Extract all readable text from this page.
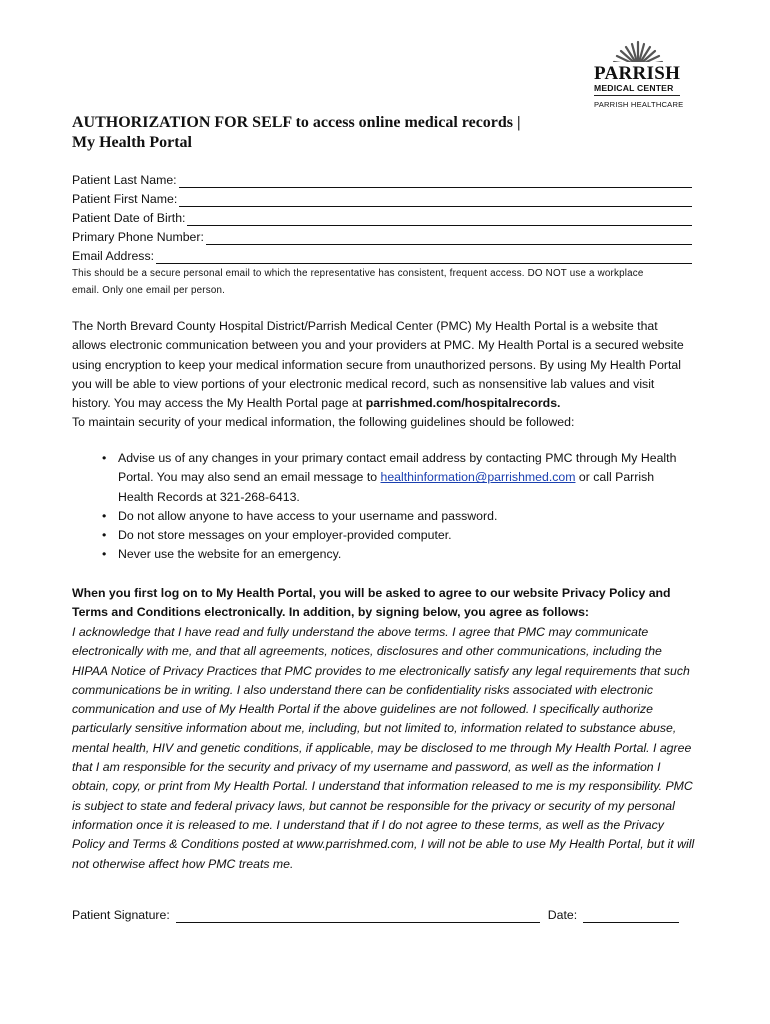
PARRISH
MEDICAL CENTER
PARRISH HEALTHCARE
AUTHORIZATION FOR SELF to access online medical records | My Health Portal
Patient Last Name:
Patient First Name:
Patient Date of Birth:
Primary Phone Number:
Email Address:
This should be a secure personal email to which the representative has consistent, frequent access. DO NOT use a workplace email. Only one email per person.
The North Brevard County Hospital District/Parrish Medical Center (PMC) My Health Portal is a website that allows electronic communication between you and your providers at PMC. My Health Portal is a secured website using encryption to keep your medical information secure from unauthorized persons. By using My Health Portal you will be able to view portions of your electronic medical record, such as nonsensitive lab values and visit history. You may access the My Health Portal page at parrishmed.com/hospitalrecords.
To maintain security of your medical information, the following guidelines should be followed:
• Advise us of any changes in your primary contact email address by contacting PMC through My Health Portal. You may also send an email message to healthinformation@parrishmed.com or call Parrish Health Records at 321-268-6413.
• Do not allow anyone to have access to your username and password.
• Do not store messages on your employer-provided computer.
• Never use the website for an emergency.
When you first log on to My Health Portal, you will be asked to agree to our website Privacy Policy and Terms and Conditions electronically. In addition, by signing below, you agree as follows:
I acknowledge that I have read and fully understand the above terms. I agree that PMC may communicate electronically with me, and that all agreements, notices, disclosures and other communications, including the HIPAA Notice of Privacy Practices that PMC provides to me electronically satisfy any legal requirements that such communications be in writing. I also understand there can be confidentiality risks associated with electronic communication and use of My Health Portal if the above guidelines are not followed. I specifically authorize particularly sensitive information about me, including, but not limited to, information related to substance abuse, mental health, HIV and genetic conditions, if applicable, may be disclosed to me through My Health Portal. I agree that I am responsible for the security and privacy of my username and password, as well as the information I obtain, copy, or print from My Health Portal. I understand that information released to me is my responsibility. PMC is subject to state and federal privacy laws, but cannot be responsible for the privacy or security of my personal information once it is released to me. I understand that if I do not agree to these terms, as well as the Privacy Policy and Terms & Conditions posted at www.parrishmed.com, I will not be able to use My Health Portal, but it will not otherwise affect how PMC treats me.
Patient Signature:	Date:
